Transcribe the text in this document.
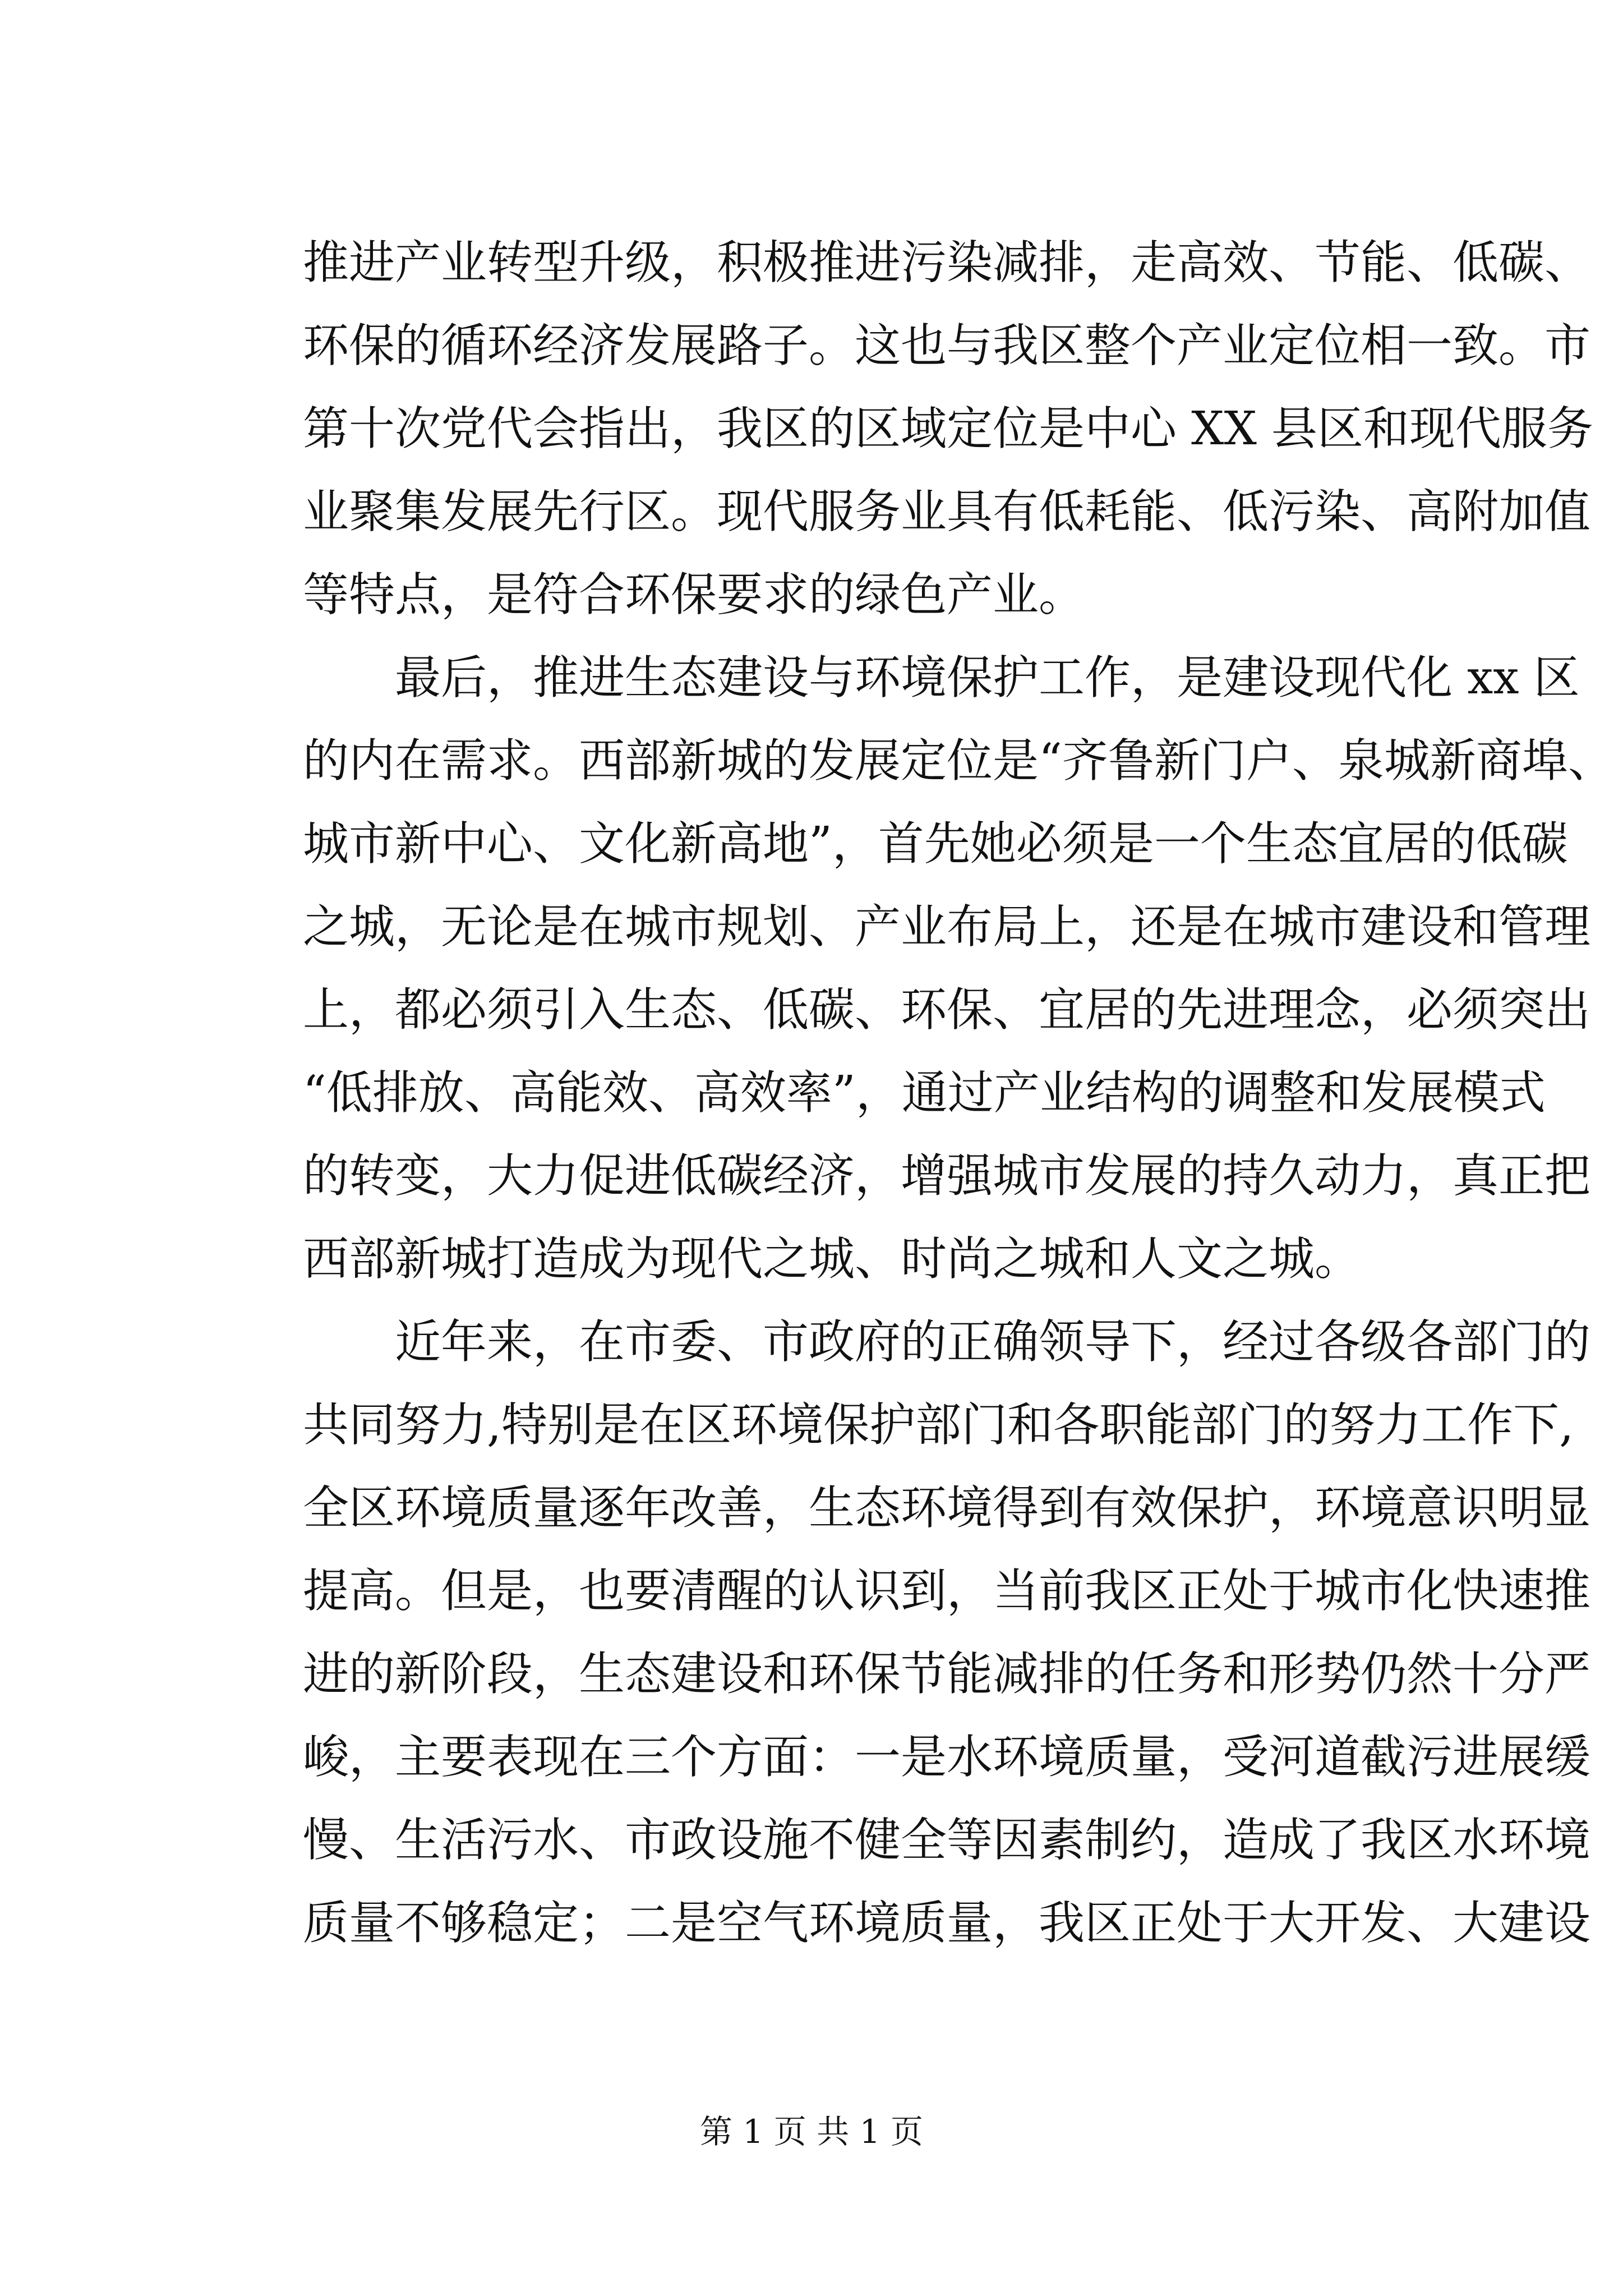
推进产业转型升级，积极推进污染减排，走高效、节能、低碳、
环保的循环经济发展路子。这也与我区整个产业定位相一致。市
第十次党代会指出，我区的区域定位是中心 XX 县区和现代服务
业聚集发展先行区。现代服务业具有低耗能、低污染、高附加值
等特点，是符合环保要求的绿色产业。

最后，推进生态建设与环境保护工作，是建设现代化 xx 区
的内在需求。西部新城的发展定位是“齐鲁新门户、泉城新商埠、
城市新中心、文化新高地”，首先她必须是一个生态宜居的低碳
之城，无论是在城市规划、产业布局上，还是在城市建设和管理
上，都必须引入生态、低碳、环保、宜居的先进理念，必须突出
“低排放、高能效、高效率”，通过产业结构的调整和发展模式
的转变，大力促进低碳经济，增强城市发展的持久动力，真正把
西部新城打造成为现代之城、时尚之城和人文之城。

近年来，在市委、市政府的正确领导下，经过各级各部门的
共同努力,特别是在区环境保护部门和各职能部门的努力工作下,
全区环境质量逐年改善，生态环境得到有效保护，环境意识明显
提高。但是，也要清醒的认识到，当前我区正处于城市化快速推
进的新阶段，生态建设和环保节能减排的任务和形势仍然十分严
峻，主要表现在三个方面：一是水环境质量，受河道截污进展缓
慢、生活污水、市政设施不健全等因素制约，造成了我区水环境
质量不够稳定；二是空气环境质量，我区正处于大开发、大建设

第 1 页 共 1 页
